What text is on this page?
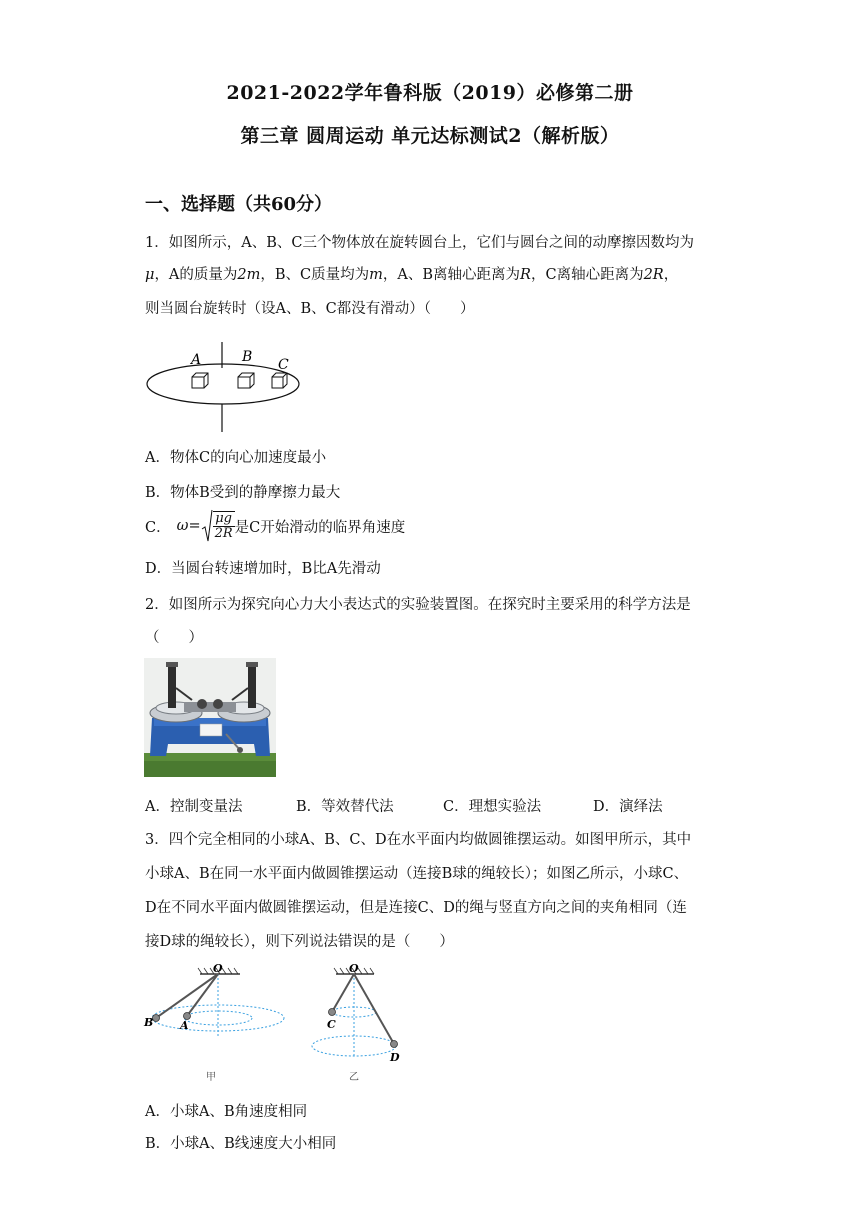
2021-2022学年鲁科版（2019）必修第二册
第三章 圆周运动 单元达标测试2（解析版）
一、选择题（共60分）
1．如图所示，A、B、C三个物体放在旋转圆台上，它们与圆台之间的动摩擦因数均为
μ，A的质量为2m，B、C质量均为m，A、B离轴心距离为R，C离轴心距离为2R，
则当圆台旋转时（设A、B、C都没有滑动）（　　）
A	B C
A．物体C的向心加速度最小
B．物体B受到的静摩擦力最大
C． $\omega = \frac{\mu g}{2R}$ 是C开始滑动的临界角速度
D．当圆台转速增加时，B比A先滑动
2．如图所示为探究向心力大小表达式的实验装置图。在探究时主要采用的科学方法是
（　　）
A．控制变量法	B．等效替代法	C．理想实验法	D．演绎法
3．四个完全相同的小球A、B、C、D在水平面内均做圆锥摆运动。如图甲所示，其中
小球A、B在同一水平面内做圆锥摆运动（连接B球的绳较长）；如图乙所示，小球C、
D在不同水平面内做圆锥摆运动，但是连接C、D的绳与竖直方向之间的夹角相同（连
接D球的绳较长），则下列说法错误的是（　　）
O
B A
甲
O
C
D
乙
A．小球A、B角速度相同
B．小球A、B线速度大小相同
